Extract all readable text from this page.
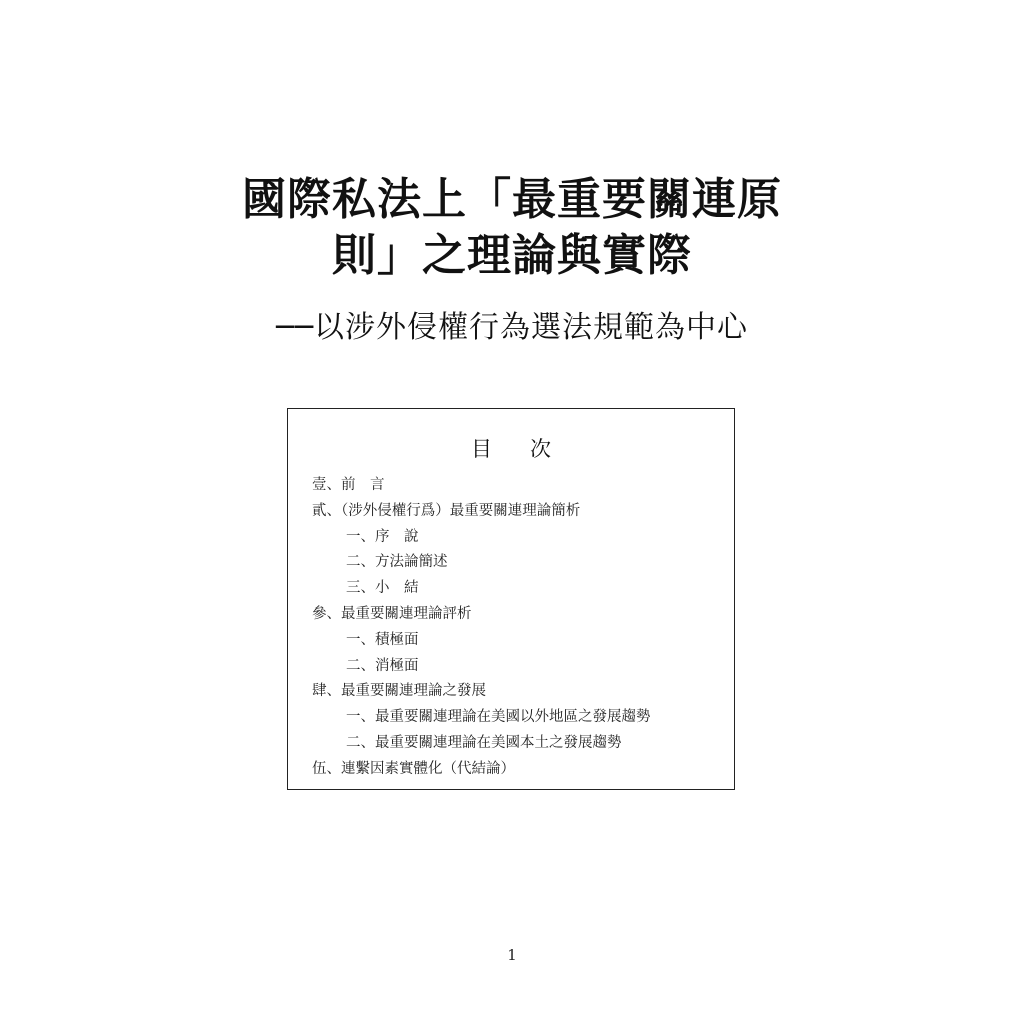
國際私法上「最重要關連原
則」之理論與實際
──以涉外侵權行為選法規範為中心
目次
壹、前　言
貳、（涉外侵權行爲）最重要關連理論簡析
一、序　說
二、方法論簡述
三、小　結
參、最重要關連理論評析
一、積極面
二、消極面
肆、最重要關連理論之發展
一、最重要關連理論在美國以外地區之發展趨勢
二、最重要關連理論在美國本土之發展趨勢
伍、連繫因素實體化（代結論）
1
